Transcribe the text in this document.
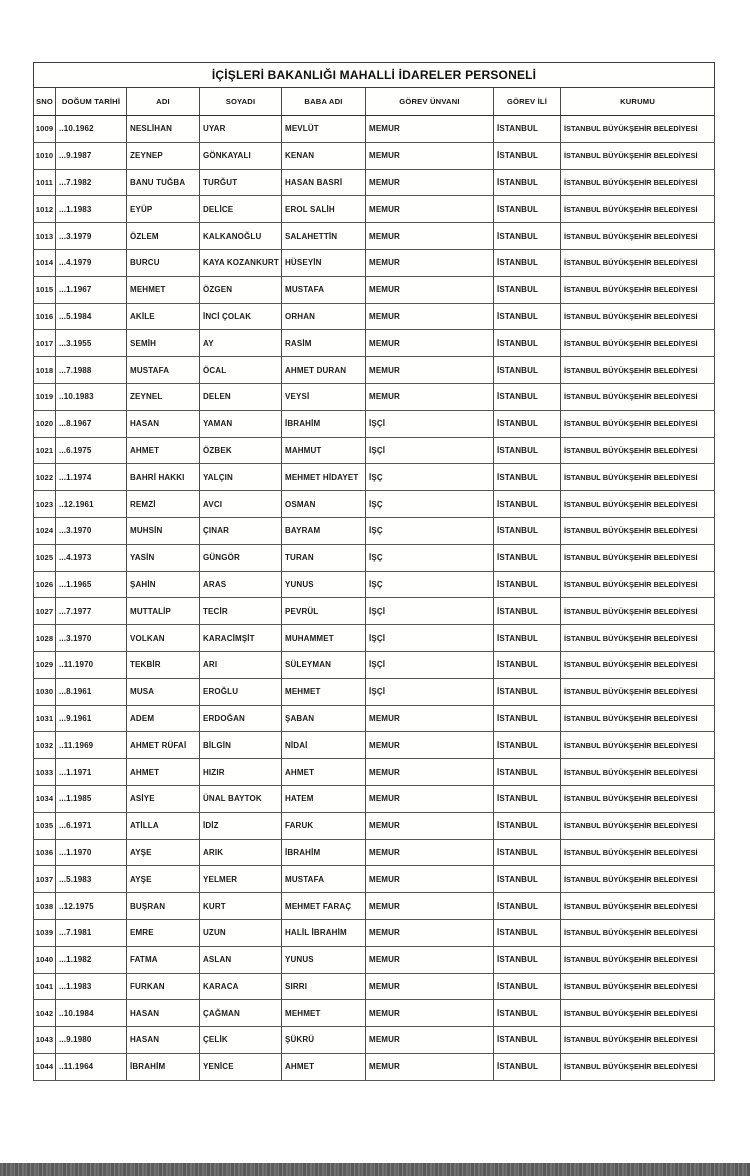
İÇİŞLERİ BAKANLIĞI MAHALLİ İDARELER PERSONELİ							
SNO	DOĞUM TARİHİ	ADI	SOYADI	BABA ADI	GÖREV ÜNVANI	GÖREV İLİ	KURUMU
1009	..10.1962	NESLİHAN	UYAR	MEVLÜT	MEMUR	İSTANBUL	İSTANBUL BÜYÜKŞEHİR BELEDİYESİ
1010	...9.1987	ZEYNEP	GÖNKAYALI	KENAN	MEMUR	İSTANBUL	İSTANBUL BÜYÜKŞEHİR BELEDİYESİ
1011	...7.1982	BANU TUĞBA	TURĞUT	HASAN BASRİ	MEMUR	İSTANBUL	İSTANBUL BÜYÜKŞEHİR BELEDİYESİ
1012	...1.1983	EYÜP	DELİCE	EROL SALİH	MEMUR	İSTANBUL	İSTANBUL BÜYÜKŞEHİR BELEDİYESİ
1013	...3.1979	ÖZLEM	KALKANOĞLU	SALAHETTİN	MEMUR	İSTANBUL	İSTANBUL BÜYÜKŞEHİR BELEDİYESİ
1014	...4.1979	BURCU	KAYA KOZANKURT	HÜSEYİN	MEMUR	İSTANBUL	İSTANBUL BÜYÜKŞEHİR BELEDİYESİ
1015	...1.1967	MEHMET	ÖZGEN	MUSTAFA	MEMUR	İSTANBUL	İSTANBUL BÜYÜKŞEHİR BELEDİYESİ
1016	...5.1984	AKİLE	İNCİ ÇOLAK	ORHAN	MEMUR	İSTANBUL	İSTANBUL BÜYÜKŞEHİR BELEDİYESİ
1017	...3.1955	SEMİH	AY	RASİM	MEMUR	İSTANBUL	İSTANBUL BÜYÜKŞEHİR BELEDİYESİ
1018	...7.1988	MUSTAFA	ÖCAL	AHMET DURAN	MEMUR	İSTANBUL	İSTANBUL BÜYÜKŞEHİR BELEDİYESİ
1019	..10.1983	ZEYNEL	DELEN	VEYSİ	MEMUR	İSTANBUL	İSTANBUL BÜYÜKŞEHİR BELEDİYESİ
1020	...8.1967	HASAN	YAMAN	İBRAHİM	İŞÇİ	İSTANBUL	İSTANBUL BÜYÜKŞEHİR BELEDİYESİ
1021	...6.1975	AHMET	ÖZBEK	MAHMUT	İŞÇİ	İSTANBUL	İSTANBUL BÜYÜKŞEHİR BELEDİYESİ
1022	...1.1974	BAHRİ HAKKI	YALÇIN	MEHMET HİDAYET	İŞÇ	İSTANBUL	İSTANBUL BÜYÜKŞEHİR BELEDİYESİ
1023	..12.1961	REMZİ	AVCI	OSMAN	İŞÇ	İSTANBUL	İSTANBUL BÜYÜKŞEHİR BELEDİYESİ
1024	...3.1970	MUHSİN	ÇINAR	BAYRAM	İŞÇ	İSTANBUL	İSTANBUL BÜYÜKŞEHİR BELEDİYESİ
1025	...4.1973	YASİN	GÜNGÖR	TURAN	İŞÇ	İSTANBUL	İSTANBUL BÜYÜKŞEHİR BELEDİYESİ
1026	...1.1965	ŞAHİN	ARAS	YUNUS	İŞÇ	İSTANBUL	İSTANBUL BÜYÜKŞEHİR BELEDİYESİ
1027	...7.1977	MUTTALİP	TECİR	PEVRÜL	İŞÇİ	İSTANBUL	İSTANBUL BÜYÜKŞEHİR BELEDİYESİ
1028	...3.1970	VOLKAN	KARACİMŞİT	MUHAMMET	İŞÇİ	İSTANBUL	İSTANBUL BÜYÜKŞEHİR BELEDİYESİ
1029	..11.1970	TEKBİR	ARI	SÜLEYMAN	İŞÇİ	İSTANBUL	İSTANBUL BÜYÜKŞEHİR BELEDİYESİ
1030	...8.1961	MUSA	EROĞLU	MEHMET	İŞÇİ	İSTANBUL	İSTANBUL BÜYÜKŞEHİR BELEDİYESİ
1031	...9.1961	ADEM	ERDOĞAN	ŞABAN	MEMUR	İSTANBUL	İSTANBUL BÜYÜKŞEHİR BELEDİYESİ
1032	..11.1969	AHMET RÜFAİ	BİLGİN	NİDAİ	MEMUR	İSTANBUL	İSTANBUL BÜYÜKŞEHİR BELEDİYESİ
1033	...1.1971	AHMET	HIZIR	AHMET	MEMUR	İSTANBUL	İSTANBUL BÜYÜKŞEHİR BELEDİYESİ
1034	...1.1985	ASİYE	ÜNAL BAYTOK	HATEM	MEMUR	İSTANBUL	İSTANBUL BÜYÜKŞEHİR BELEDİYESİ
1035	...6.1971	ATİLLA	İDİZ	FARUK	MEMUR	İSTANBUL	İSTANBUL BÜYÜKŞEHİR BELEDİYESİ
1036	...1.1970	AYŞE	ARIK	İBRAHİM	MEMUR	İSTANBUL	İSTANBUL BÜYÜKŞEHİR BELEDİYESİ
1037	...5.1983	AYŞE	YELMER	MUSTAFA	MEMUR	İSTANBUL	İSTANBUL BÜYÜKŞEHİR BELEDİYESİ
1038	..12.1975	BUŞRAN	KURT	MEHMET FARAÇ	MEMUR	İSTANBUL	İSTANBUL BÜYÜKŞEHİR BELEDİYESİ
1039	...7.1981	EMRE	UZUN	HALİL İBRAHİM	MEMUR	İSTANBUL	İSTANBUL BÜYÜKŞEHİR BELEDİYESİ
1040	...1.1982	FATMA	ASLAN	YUNUS	MEMUR	İSTANBUL	İSTANBUL BÜYÜKŞEHİR BELEDİYESİ
1041	...1.1983	FURKAN	KARACA	SIRRI	MEMUR	İSTANBUL	İSTANBUL BÜYÜKŞEHİR BELEDİYESİ
1042	..10.1984	HASAN	ÇAĞMAN	MEHMET	MEMUR	İSTANBUL	İSTANBUL BÜYÜKŞEHİR BELEDİYESİ
1043	...9.1980	HASAN	ÇELİK	ŞÜKRÜ	MEMUR	İSTANBUL	İSTANBUL BÜYÜKŞEHİR BELEDİYESİ
1044	..11.1964	İBRAHİM	YENİCE	AHMET	MEMUR	İSTANBUL	İSTANBUL BÜYÜKŞEHİR BELEDİYESİ
